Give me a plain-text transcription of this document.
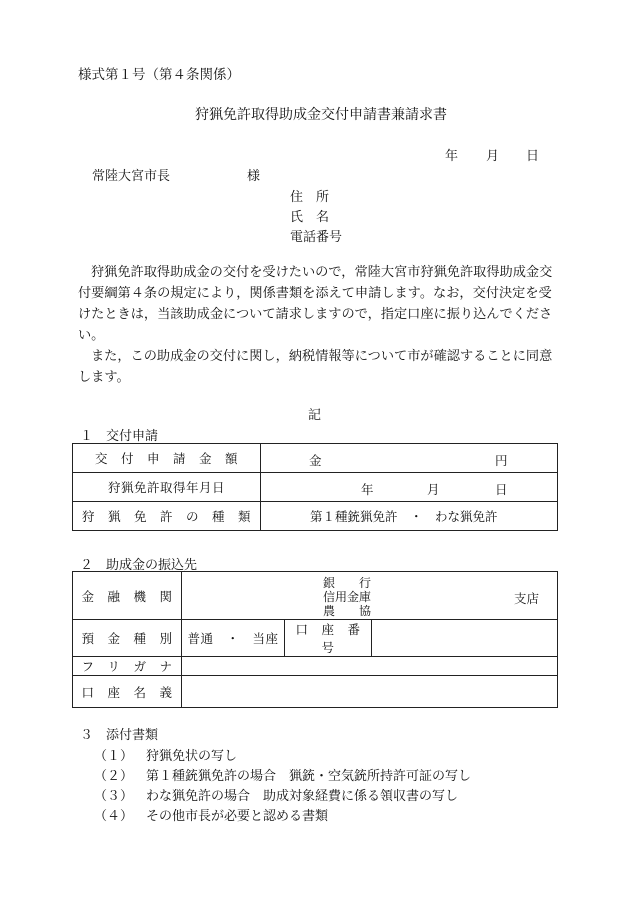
様式第１号（第４条関係）
狩猟免許取得助成金交付申請書兼請求書
年 月 日
常陸大宮市長	様
住　所
氏　名
電話番号
狩猟免許取得助成金の交付を受けたいので，常陸大宮市狩猟免許取得助成金交付要綱第４条の規定により，関係書類を添えて申請します。なお，交付決定を受けたときは，当該助成金について請求しますので，指定口座に振り込んでください。
また，この助成金の交付に関し，納税情報等について市が確認することに同意します。
記
１　交付申請
交　付　申　請　金　額	金 円

狩猟免許取得年月日	年 月 日

狩　猟　免　許　の　種　類	第１種銃猟免許　・　わな猟免許
２　助成金の振込先
金　融　機　関	銀　　行
信用金庫
農　　協
支店		

預　金　種　別	普通　・　当座	口　座　番　号	
フ　リ　ガ　ナ			
口　座　名　義			
３　添付書類
（１） 狩猟免状の写し
（２） 第１種銃猟免許の場合　猟銃・空気銃所持許可証の写し
（３） わな猟免許の場合　助成対象経費に係る領収書の写し
（４） その他市長が必要と認める書類
